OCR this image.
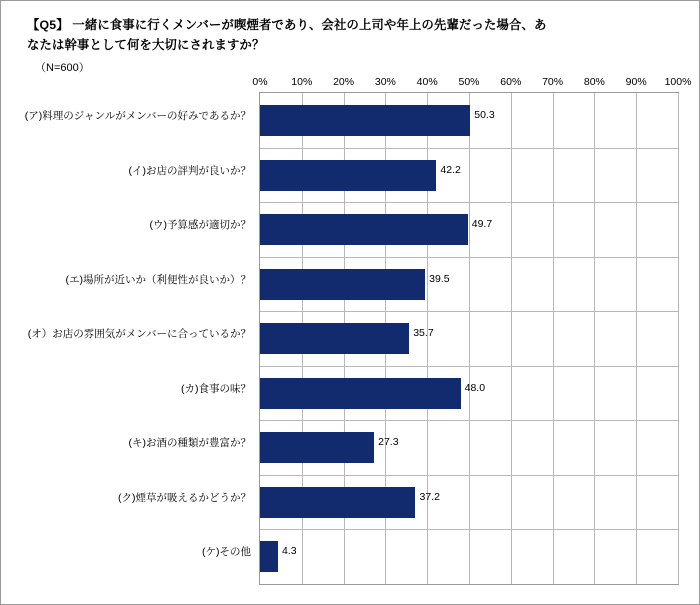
【Q5】 一緒に食事に行くメンバーが喫煙者であり、会社の上司や年上の先輩だった場合、あ
なたは幹事として何を大切にされますか？
（N=600）
0% 10% 20% 30% 40% 50% 60% 70% 80% 90% 100%
(ア)料理のジャンルがメンバーの好みであるか？	50.3
(イ)お店の評判が良いか？	42.2
(ウ)予算感が適切か？	49.7
(エ)場所が近いか（利便性が良いか）？	39.5
(オ）お店の雰囲気がメンバーに合っているか？	35.7
(カ)食事の味？	48.0
(キ)お酒の種類が豊富か？	27.3
(ク)煙草が吸えるかどうか？	37.2
(ケ)その他	4.3
